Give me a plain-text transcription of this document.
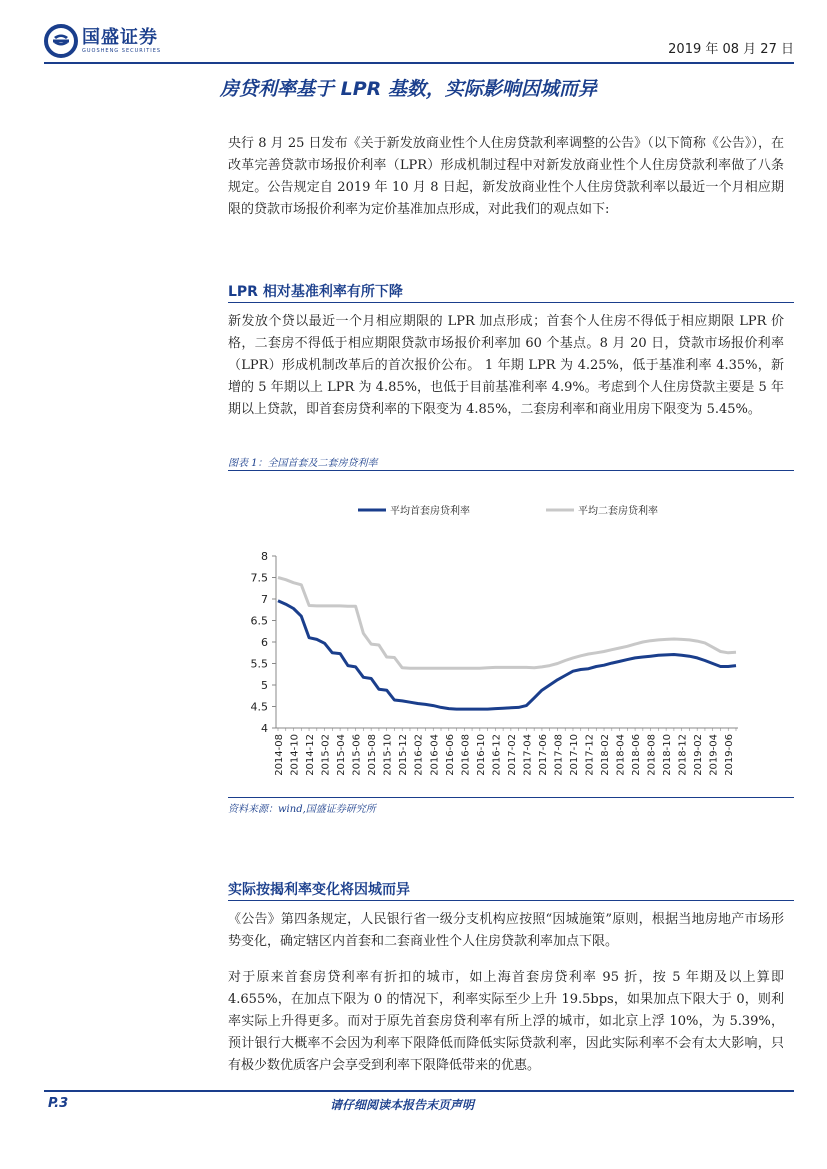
国盛证券
GUOSHENG SECURITIES	2019 年 08 月 27 日
房贷利率基于 LPR 基数，实际影响因城而异
央行 8 月 25 日发布《关于新发放商业性个人住房贷款利率调整的公告》（以下简称《公告》），在改革完善贷款市场报价利率（LPR）形成机制过程中对新发放商业性个人住房贷款利率做了八条规定。公告规定自 2019 年 10 月 8 日起，新发放商业性个人住房贷款利率以最近一个月相应期限的贷款市场报价利率为定价基准加点形成，对此我们的观点如下:
LPR 相对基准利率有所下降
新发放个贷以最近一个月相应期限的 LPR 加点形成；首套个人住房不得低于相应期限 LPR 价格，二套房不得低于相应期限贷款市场报价利率加 60 个基点。8 月 20 日，贷款市场报价利率（LPR）形成机制改革后的首次报价公布。 1 年期 LPR 为 4.25%，低于基准利率 4.35%，新增的 5 年期以上 LPR 为 4.85%，也低于目前基准利率 4.9%。考虑到个人住房贷款主要是 5 年期以上贷款，即首套房贷利率的下限变为 4.85%，二套房利率和商业用房下限变为 5.45%。
图表 1：全国首套及二套房贷利率
4
4.5
5
5.5
6
6.5
7
7.5
8
2014-08 2014-10 2014-12 2015-02 2015-04 2015-06 2015-08 2015-10 2015-12 2016-02 2016-04 2016-06 2016-08 2016-10 2016-12 2017-02 2017-04 2017-06 2017-08 2017-10 2017-12 2018-02 2018-04 2018-06 2018-08 2018-10 2018-12 2019-02 2019-04 2019-06
平均首套房贷利率	平均二套房贷利率
资料来源：wind,国盛证券研究所
实际按揭利率变化将因城而异
《公告》第四条规定，人民银行省一级分支机构应按照“因城施策”原则，根据当地房地产市场形势变化，确定辖区内首套和二套商业性个人住房贷款利率加点下限。
对于原来首套房贷利率有折扣的城市，如上海首套房贷利率 95 折，按 5 年期及以上算即 4.655%，在加点下限为 0 的情况下，利率实际至少上升 19.5bps，如果加点下限大于 0，则利率实际上升得更多。而对于原先首套房贷利率有所上浮的城市，如北京上浮 10%，为 5.39%，预计银行大概率不会因为利率下限降低而降低实际贷款利率，因此实际利率不会有太大影响，只有极少数优质客户会享受到利率下限降低带来的优惠。
P.3	请仔细阅读本报告末页声明
